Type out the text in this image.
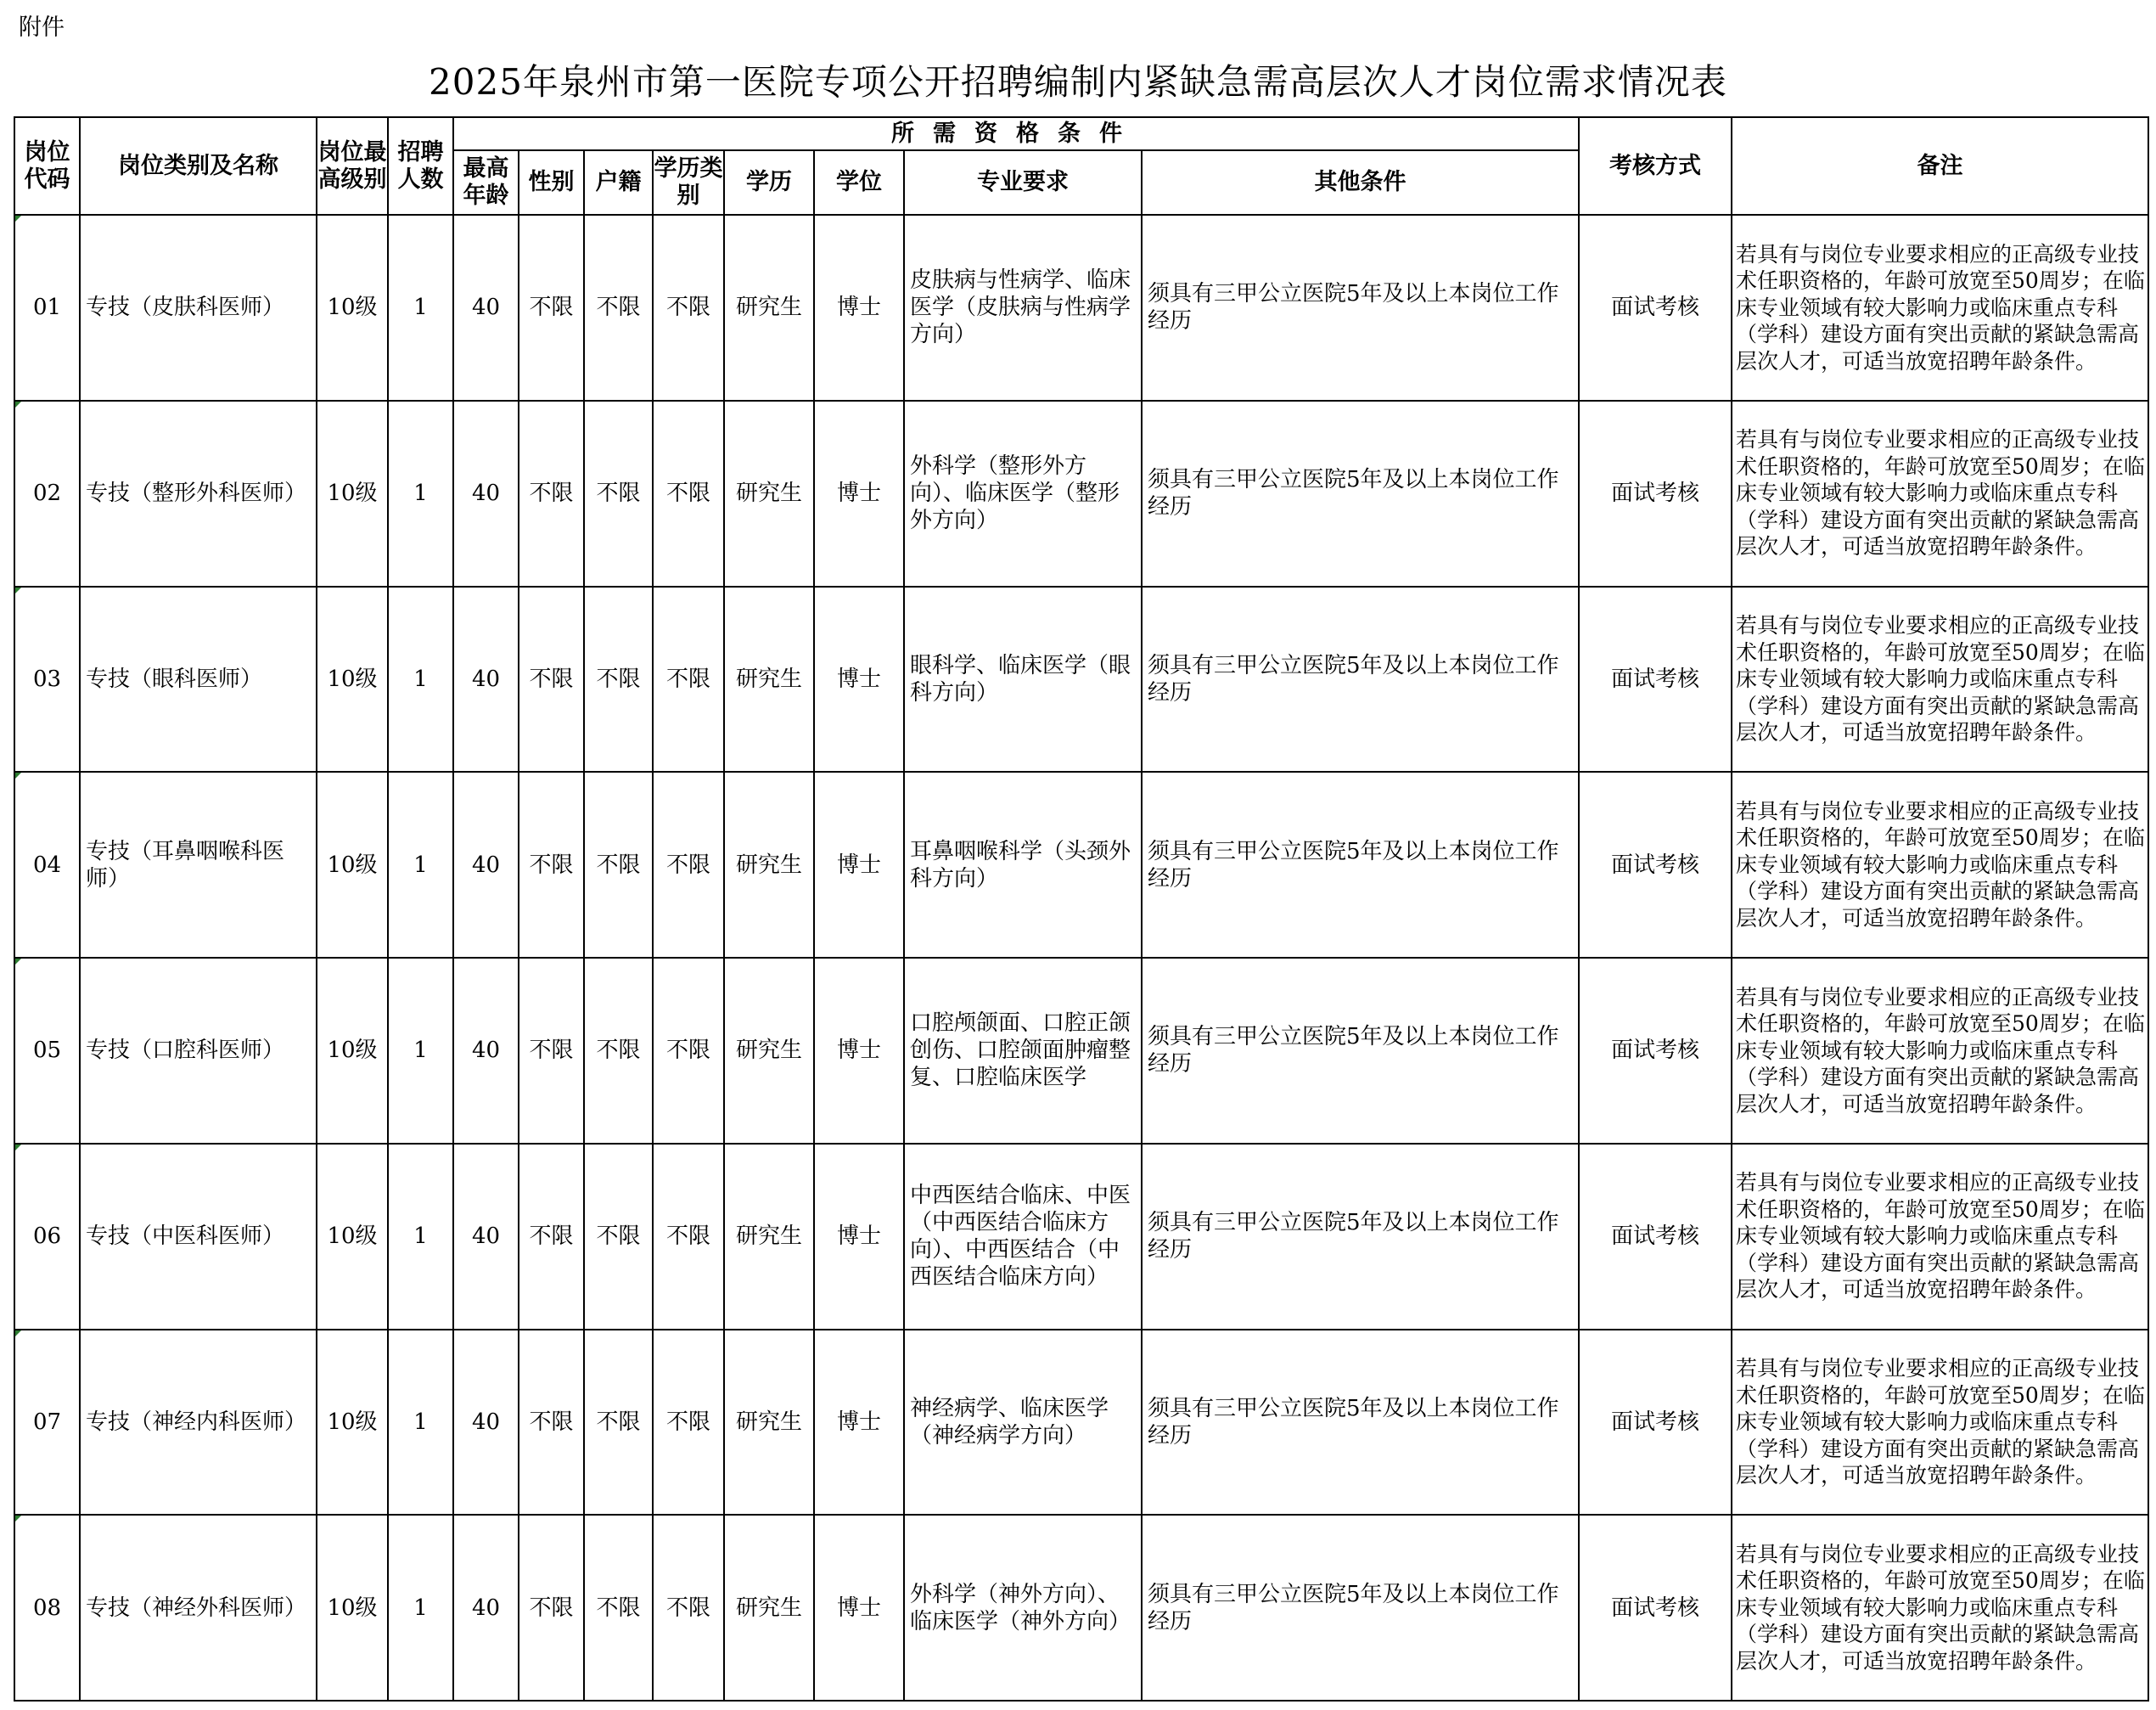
附件
2025年泉州市第一医院专项公开招聘编制内紧缺急需高层次人才岗位需求情况表
岗位代码	岗位类别及名称	岗位最高级别	招聘人数	所需资格条件								考核方式	备注
				最高年龄	性别	户籍	学历类别	学历	学位	专业要求	其他条件		
01	专技（皮肤科医师）	10级	1	40	不限	不限	不限	研究生	博士	皮肤病与性病学、临床医学（皮肤病与性病学方向）	须具有三甲公立医院5年及以上本岗位工作经历	面试考核	若具有与岗位专业要求相应的正高级专业技术任职资格的，年龄可放宽至50周岁；在临床专业领域有较大影响力或临床重点专科（学科）建设方面有突出贡献的紧缺急需高层次人才，可适当放宽招聘年龄条件。
02	专技（整形外科医师）	10级	1	40	不限	不限	不限	研究生	博士	外科学（整形外方向）、临床医学（整形外方向）	须具有三甲公立医院5年及以上本岗位工作经历	面试考核	若具有与岗位专业要求相应的正高级专业技术任职资格的，年龄可放宽至50周岁；在临床专业领域有较大影响力或临床重点专科（学科）建设方面有突出贡献的紧缺急需高层次人才，可适当放宽招聘年龄条件。
03	专技（眼科医师）	10级	1	40	不限	不限	不限	研究生	博士	眼科学、临床医学（眼科方向）	须具有三甲公立医院5年及以上本岗位工作经历	面试考核	若具有与岗位专业要求相应的正高级专业技术任职资格的，年龄可放宽至50周岁；在临床专业领域有较大影响力或临床重点专科（学科）建设方面有突出贡献的紧缺急需高层次人才，可适当放宽招聘年龄条件。
04	专技（耳鼻咽喉科医师）	10级	1	40	不限	不限	不限	研究生	博士	耳鼻咽喉科学（头颈外科方向）	须具有三甲公立医院5年及以上本岗位工作经历	面试考核	若具有与岗位专业要求相应的正高级专业技术任职资格的，年龄可放宽至50周岁；在临床专业领域有较大影响力或临床重点专科（学科）建设方面有突出贡献的紧缺急需高层次人才，可适当放宽招聘年龄条件。
05	专技（口腔科医师）	10级	1	40	不限	不限	不限	研究生	博士	口腔颅颌面、口腔正颌创伤、口腔颌面肿瘤整复、口腔临床医学	须具有三甲公立医院5年及以上本岗位工作经历	面试考核	若具有与岗位专业要求相应的正高级专业技术任职资格的，年龄可放宽至50周岁；在临床专业领域有较大影响力或临床重点专科（学科）建设方面有突出贡献的紧缺急需高层次人才，可适当放宽招聘年龄条件。
06	专技（中医科医师）	10级	1	40	不限	不限	不限	研究生	博士	中西医结合临床、中医（中西医结合临床方向）、中西医结合（中西医结合临床方向）	须具有三甲公立医院5年及以上本岗位工作经历	面试考核	若具有与岗位专业要求相应的正高级专业技术任职资格的，年龄可放宽至50周岁；在临床专业领域有较大影响力或临床重点专科（学科）建设方面有突出贡献的紧缺急需高层次人才，可适当放宽招聘年龄条件。
07	专技（神经内科医师）	10级	1	40	不限	不限	不限	研究生	博士	神经病学、临床医学（神经病学方向）	须具有三甲公立医院5年及以上本岗位工作经历	面试考核	若具有与岗位专业要求相应的正高级专业技术任职资格的，年龄可放宽至50周岁；在临床专业领域有较大影响力或临床重点专科（学科）建设方面有突出贡献的紧缺急需高层次人才，可适当放宽招聘年龄条件。
08	专技（神经外科医师）	10级	1	40	不限	不限	不限	研究生	博士	外科学（神外方向）、临床医学（神外方向）	须具有三甲公立医院5年及以上本岗位工作经历	面试考核	若具有与岗位专业要求相应的正高级专业技术任职资格的，年龄可放宽至50周岁；在临床专业领域有较大影响力或临床重点专科（学科）建设方面有突出贡献的紧缺急需高层次人才，可适当放宽招聘年龄条件。
